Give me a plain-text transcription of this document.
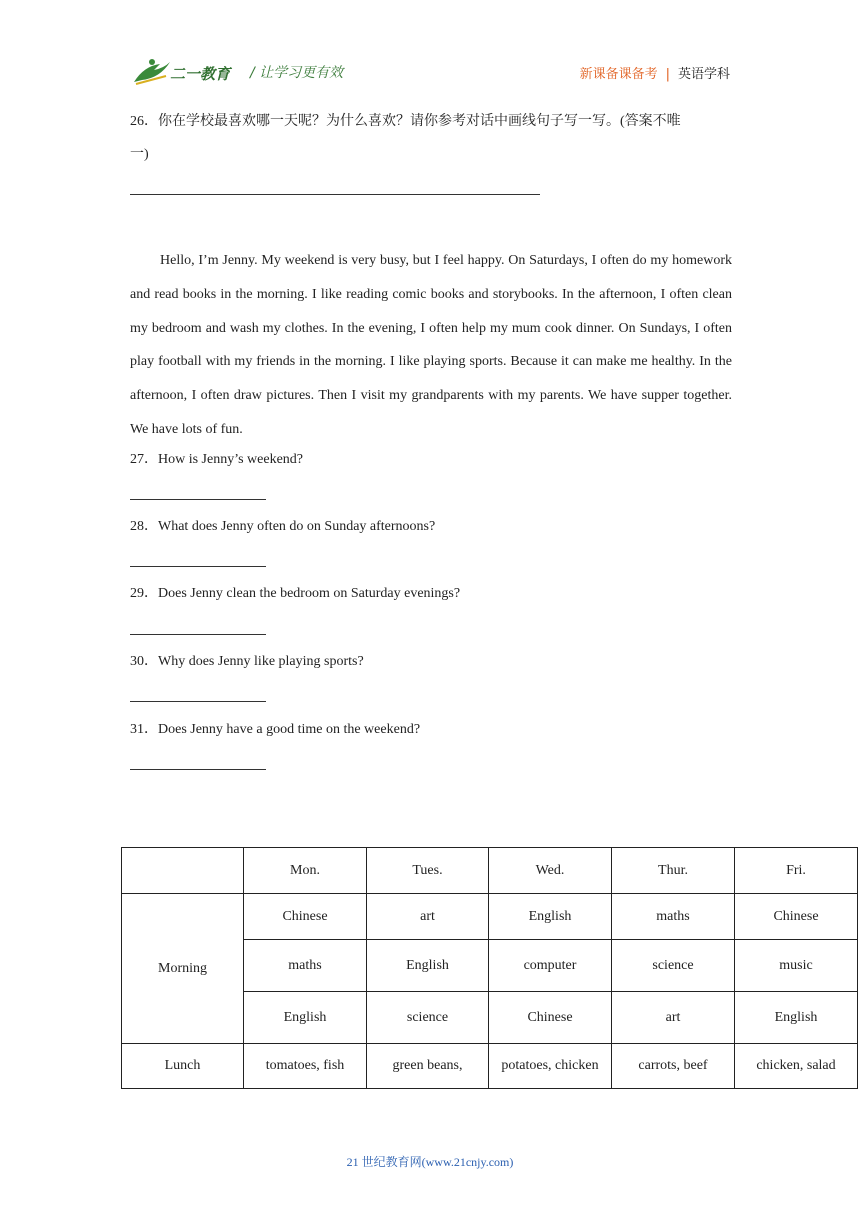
二一教育 / 让学习更有效	新课备课备考 | 英语学科
26．你在学校最喜欢哪一天呢？为什么喜欢？请你参考对话中画线句子写一写。(答案不唯
一)
Hello, I’m Jenny. My weekend is very busy, but I feel happy. On Saturdays, I often do my homework and read books in the morning. I like reading comic books and storybooks. In the afternoon, I often clean my bedroom and wash my clothes. In the evening, I often help my mum cook dinner. On Sundays, I often play football with my friends in the morning. I like playing sports. Because it can make me healthy. In the afternoon, I often draw pictures. Then I visit my grandparents with my parents. We have supper together. We have lots of fun.
27．How is Jenny’s weekend?
28．What does Jenny often do on Sunday afternoons?
29．Does Jenny clean the bedroom on Saturday evenings?
30．Why does Jenny like playing sports?
31．Does Jenny have a good time on the weekend?
	Mon.	Tues.	Wed.	Thur.	Fri.
Morning	Chinese	art	English	maths	Chinese
	maths	English	computer	science	music
	English	science	Chinese	art	English
Lunch	tomatoes, fish	green beans,	potatoes, chicken	carrots, beef	chicken, salad
21 世纪教育网(www.21cnjy.com)
